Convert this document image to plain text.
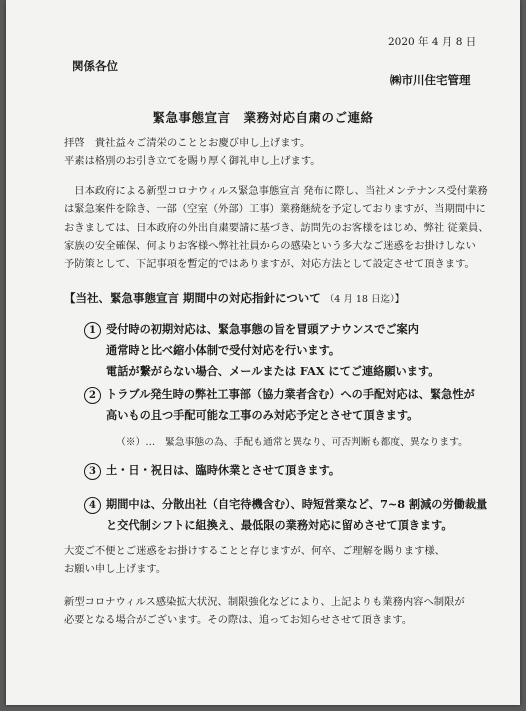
2020 年 4 月 8 日
関係各位
㈱市川住宅管理
緊急事態宣言　業務対応自粛のご連絡
拝啓　貴社益々ご清栄のこととお慶び申し上げます。
平素は格別のお引き立てを賜り厚く御礼申し上げます。
　日本政府による新型コロナウィルス緊急事態宣言 発布に際し、当社メンテナンス受付業務
は緊急案件を除き、一部（空室（外部）工事）業務継続を予定しておりますが、当期間中に
おきましては、日本政府の外出自粛要請に基づき、訪問先のお客様をはじめ、弊社 従業員、
家族の安全確保、何よりお客様へ弊社社員からの感染という多大なご迷惑をお掛けしない
予防策として、下記事項を暫定的ではありますが、対応方法として設定させて頂きます。
【当社、緊急事態宣言 期間中の対応指針について （4 月 18 日迄）】
1 受付時の初期対応は、緊急事態の旨を冒頭アナウンスでご案内
通常時と比べ縮小体制で受付対応を行います。
電話が繋がらない場合、メールまたは FAX にてご連絡願います。
2 トラブル発生時の弊社工事部（協力業者含む）への手配対応は、緊急性が
高いもの且つ手配可能な工事のみ対応予定とさせて頂きます。
（※）…　緊急事態の為、手配も通常と異なり、可否判断も都度、異なります。
3 土・日・祝日は、臨時休業とさせて頂きます。
4 期間中は、分散出社（自宅待機含む）、時短営業など、7~8 割減の労働裁量
と交代制シフトに組換え、最低限の業務対応に留めさせて頂きます。
大変ご不便とご迷惑をお掛けすることと存じますが、何卒、ご理解を賜ります様、
お願い申し上げます。
新型コロナウィルス感染拡大状況、制限強化などにより、上記よりも業務内容へ制限が
必要となる場合がございます。その際は、追ってお知らせさせて頂きます。
